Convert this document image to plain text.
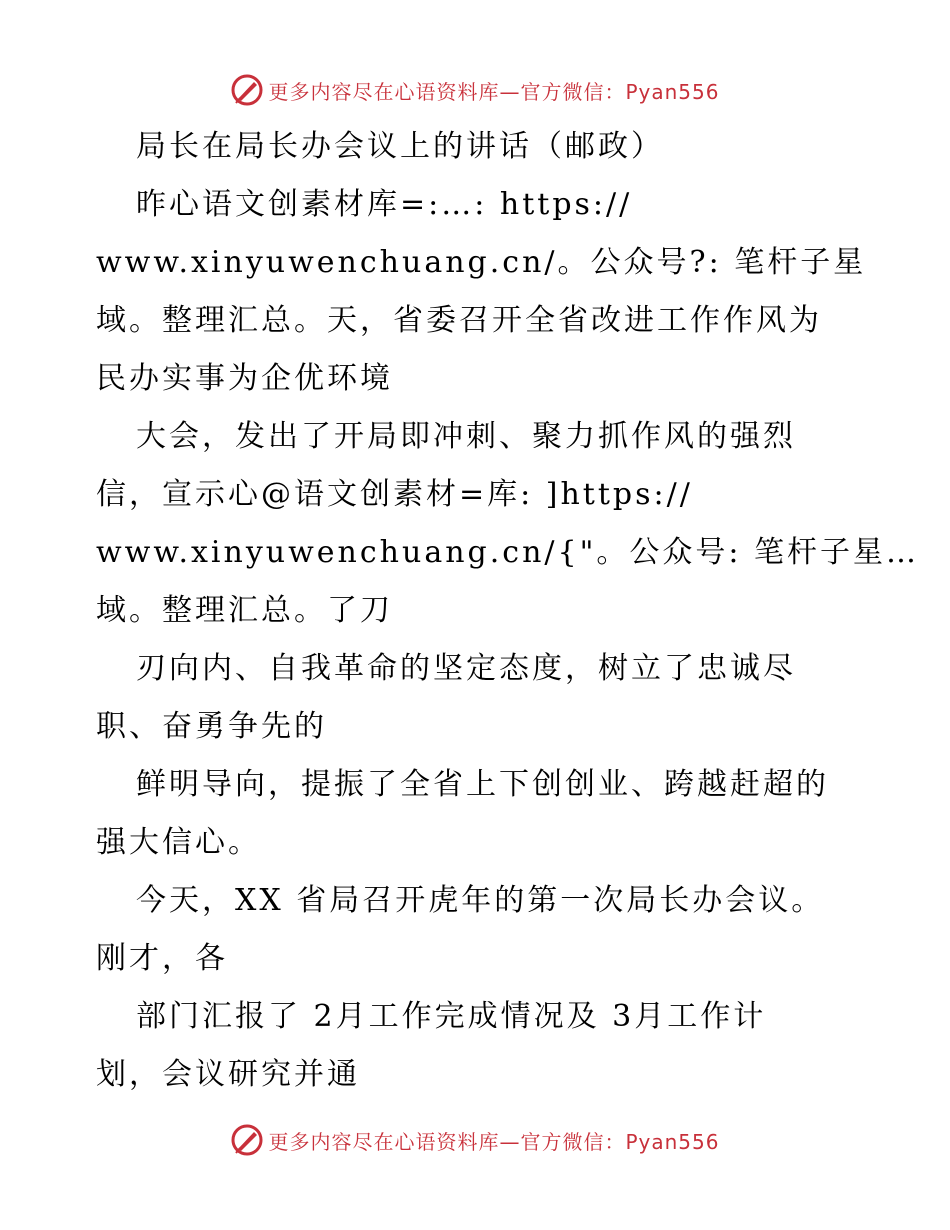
更多内容尽在心语资料库—官方微信：Pyan556
局长在局长办会议上的讲话（邮政）
昨心语文创素材库=:…: https://
www.xinyuwenchuang.cn/。公众号?: 笔杆子星
域。整理汇总。天，省委召开全省改进工作作风为
民办实事为企优环境
大会，发出了开局即冲刺、聚力抓作风的强烈
信，宣示心@语文创素材=库: ]https://
www.xinyuwenchuang.cn/{"。公众号: 笔杆子星…
域。整理汇总。了刀
刃向内、自我革命的坚定态度，树立了忠诚尽
职、奋勇争先的
鲜明导向，提振了全省上下创创业、跨越赶超的
强大信心。
今天，XX 省局召开虎年的第一次局长办会议。
刚才，各
部门汇报了 2月工作完成情况及 3月工作计
划，会议研究并通
更多内容尽在心语资料库—官方微信：Pyan556
